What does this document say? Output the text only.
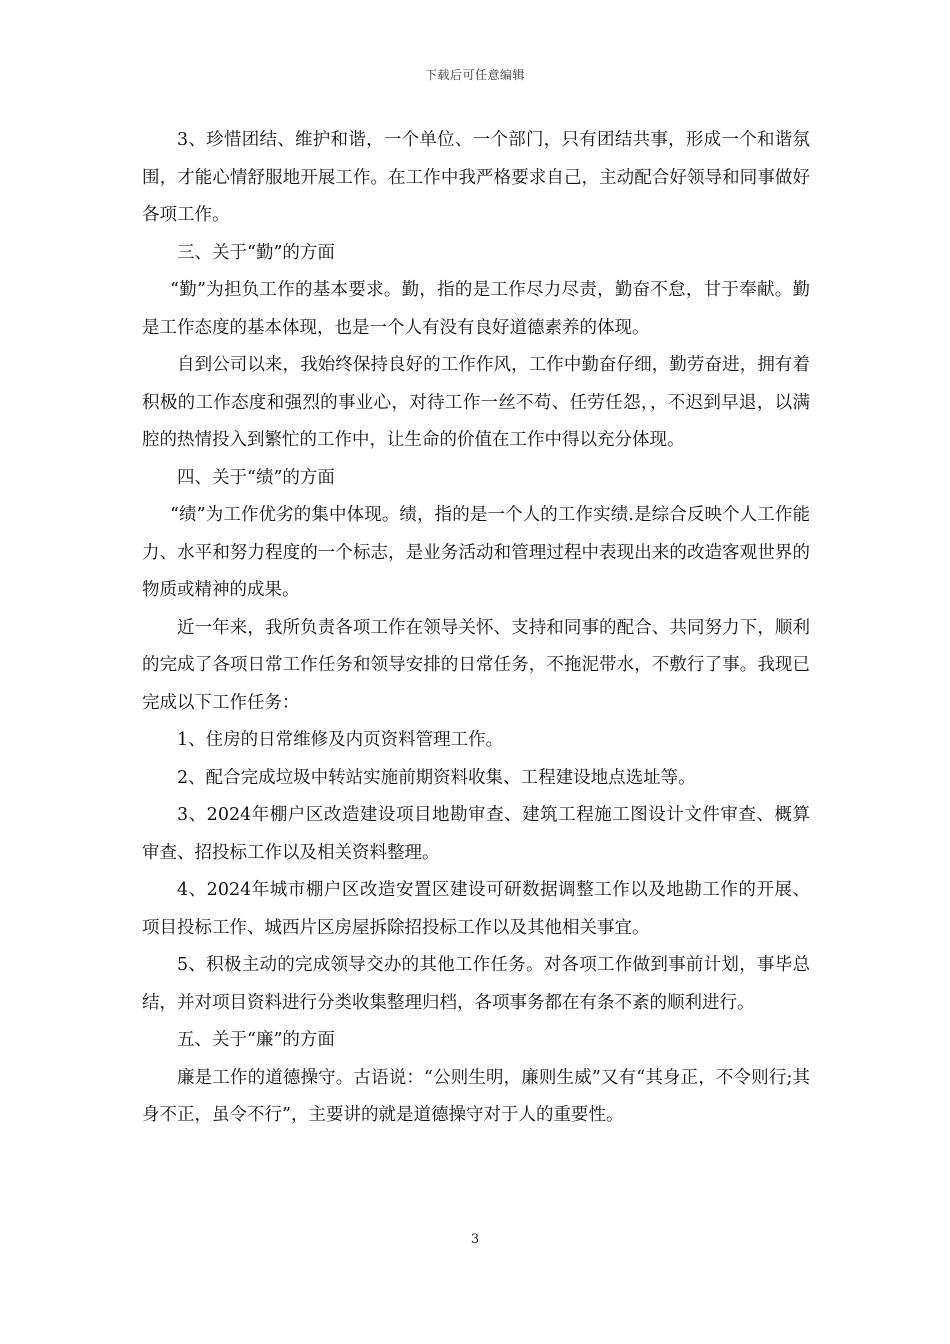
下载后可任意编辑

3、珍惜团结、维护和谐，一个单位、一个部门，只有团结共事，形成一个和谐氛围，才能心情舒服地开展工作。在工作中我严格要求自己，主动配合好领导和同事做好各项工作。

三、关于“勤”的方面

“勤”为担负工作的基本要求。勤，指的是工作尽力尽责，勤奋不怠，甘于奉献。勤是工作态度的基本体现，也是一个人有没有良好道德素养的体现。

自到公司以来，我始终保持良好的工作作风，工作中勤奋仔细，勤劳奋进，拥有着积极的工作态度和强烈的事业心，对待工作一丝不苟、任劳任怨，，不迟到早退，以满腔的热情投入到繁忙的工作中，让生命的价值在工作中得以充分体现。

四、关于“绩”的方面

“绩”为工作优劣的集中体现。绩，指的是一个人的工作实绩.是综合反映个人工作能力、水平和努力程度的一个标志，是业务活动和管理过程中表现出来的改造客观世界的物质或精神的成果。

近一年来，我所负责各项工作在领导关怀、支持和同事的配合、共同努力下，顺利的完成了各项日常工作任务和领导安排的日常任务，不拖泥带水，不敷行了事。我现已完成以下工作任务：

1、住房的日常维修及内页资料管理工作。

2、配合完成垃圾中转站实施前期资料收集、工程建设地点选址等。

3、2024年棚户区改造建设项目地勘审查、建筑工程施工图设计文件审查、概算审查、招投标工作以及相关资料整理。

4、2024年城市棚户区改造安置区建设可研数据调整工作以及地勘工作的开展、项目投标工作、城西片区房屋拆除招投标工作以及其他相关事宜。

5、积极主动的完成领导交办的其他工作任务。对各项工作做到事前计划，事毕总结，并对项目资料进行分类收集整理归档，各项事务都在有条不紊的顺利进行。

五、关于“廉”的方面

廉是工作的道德操守。古语说：“公则生明，廉则生威”又有“其身正，不令则行;其身不正，虽令不行”，主要讲的就是道德操守对于人的重要性。

3
